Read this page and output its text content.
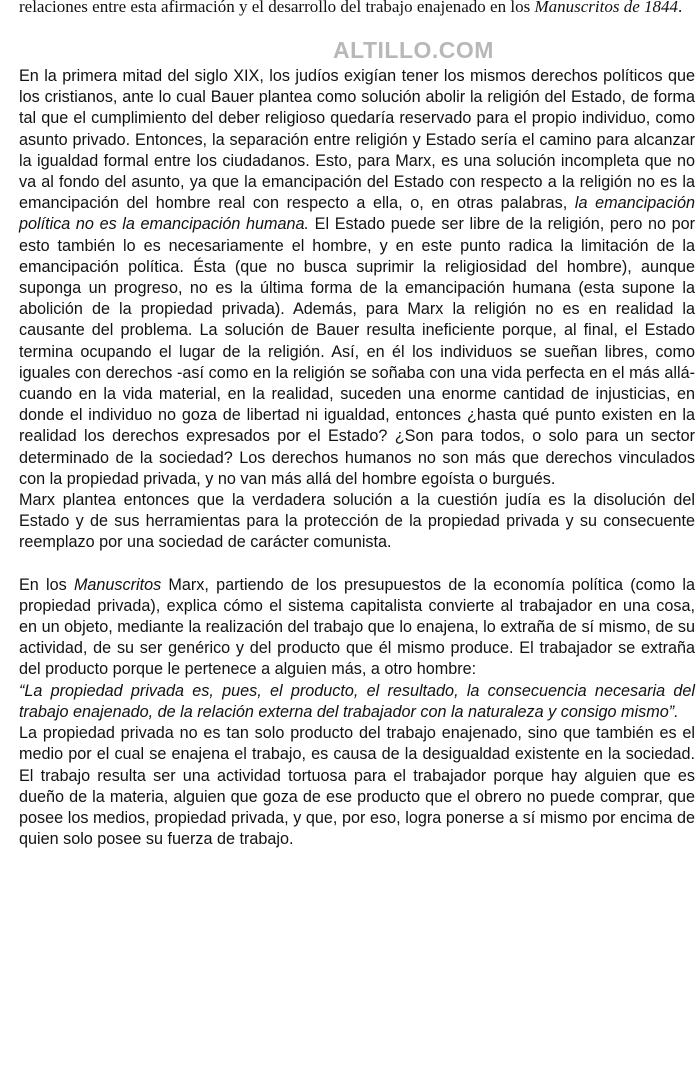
relaciones entre esta afirmación y el desarrollo del trabajo enajenado en los Manuscritos de 1844.
ALTILLO.COM

En la primera mitad del siglo XIX, los judíos exigían tener los mismos derechos políticos que los cristianos, ante lo cual Bauer plantea como solución abolir la religión del Estado, de forma tal que el cumplimiento del deber religioso quedaría reservado para el propio individuo, como asunto privado. Entonces, la separación entre religión y Estado sería el camino para alcanzar la igualdad formal entre los ciudadanos. Esto, para Marx, es una solución incompleta que no va al fondo del asunto, ya que la emancipación del Estado con respecto a la religión no es la emancipación del hombre real con respecto a ella, o, en otras palabras, la emancipación política no es la emancipación humana. El Estado puede ser libre de la religión, pero no por esto también lo es necesariamente el hombre, y en este punto radica la limitación de la emancipación política. Ésta (que no busca suprimir la religiosidad del hombre), aunque suponga un progreso, no es la última forma de la emancipación humana (esta supone la abolición de la propiedad privada). Además, para Marx la religión no es en realidad la causante del problema. La solución de Bauer resulta ineficiente porque, al final, el Estado termina ocupando el lugar de la religión. Así, en él los individuos se sueñan libres, como iguales con derechos -así como en la religión se soñaba con una vida perfecta en el más allá- cuando en la vida material, en la realidad, suceden una enorme cantidad de injusticias, en donde el individuo no goza de libertad ni igualdad, entonces ¿hasta qué punto existen en la realidad los derechos expresados por el Estado? ¿Son para todos, o solo para un sector determinado de la sociedad? Los derechos humanos no son más que derechos vinculados con la propiedad privada, y no van más allá del hombre egoísta o burgués.

Marx plantea entonces que la verdadera solución a la cuestión judía es la disolución del Estado y de sus herramientas para la protección de la propiedad privada y su consecuente reemplazo por una sociedad de carácter comunista.

En los Manuscritos Marx, partiendo de los presupuestos de la economía política (como la propiedad privada), explica cómo el sistema capitalista convierte al trabajador en una cosa, en un objeto, mediante la realización del trabajo que lo enajena, lo extraña de sí mismo, de su actividad, de su ser genérico y del producto que él mismo produce. El trabajador se extraña del producto porque le pertenece a alguien más, a otro hombre:

“La propiedad privada es, pues, el producto, el resultado, la consecuencia necesaria del trabajo enajenado, de la relación externa del trabajador con la naturaleza y consigo mismo”.

La propiedad privada no es tan solo producto del trabajo enajenado, sino que también es el medio por el cual se enajena el trabajo, es causa de la desigualdad existente en la sociedad. El trabajo resulta ser una actividad tortuosa para el trabajador porque hay alguien que es dueño de la materia, alguien que goza de ese producto que el obrero no puede comprar, que posee los medios, propiedad privada, y que, por eso, logra ponerse a sí mismo por encima de quien solo posee su fuerza de trabajo.
